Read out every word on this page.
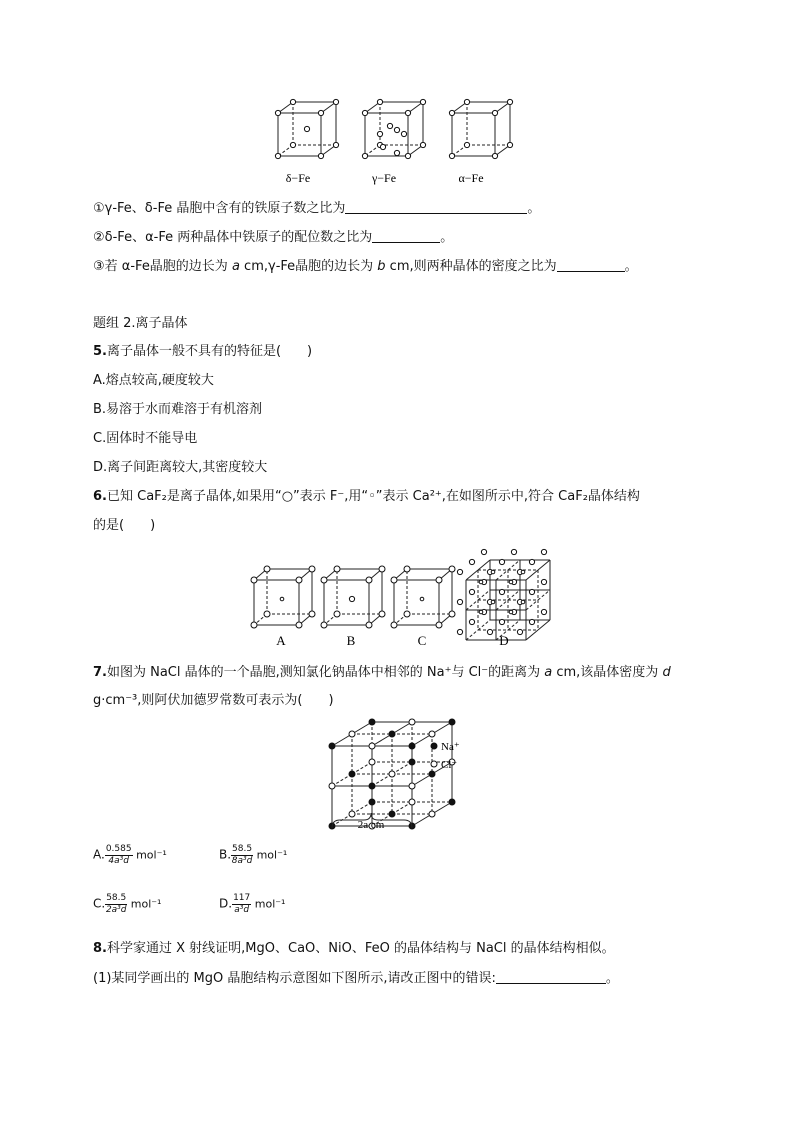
δ−Fe	γ−Fe	α−Fe
①γ-Fe、δ-Fe 晶胞中含有的铁原子数之比为	。
②δ-Fe、α-Fe 两种晶体中铁原子的配位数之比为	。
③若 α-Fe晶胞的边长为 a cm,γ-Fe晶胞的边长为 b cm,则两种晶体的密度之比为	。
题组 2.离子晶体
5.离子晶体一般不具有的特征是(　　)
A.熔点较高,硬度较大
B.易溶于水而难溶于有机溶剂
C.固体时不能导电
D.离子间距离较大,其密度较大
6.已知 CaF₂是离子晶体,如果用“○”表示 F⁻,用“◦”表示 Ca²⁺,在如图所示中,符合 CaF₂晶体结构
的是(　　)
A	B	C	D
7.如图为 NaCl 晶体的一个晶胞,测知氯化钠晶体中相邻的 Na⁺与 Cl⁻的距离为 a cm,该晶体密度为 d
g·cm⁻³,则阿伏加德罗常数可表示为(　　)
Na⁺
Cl⁻
2a cm
A. $\frac{0.585}{\text{4a³d}} mol^{-1}$	B. $\frac{58.5}{\text{8a³d}} mol^{-1}$
C. $\frac{58.5}{\text{2a³d}} mol^{-1}$	D. $\frac{117}{\text{a³d}} mol^{-1}$
8.科学家通过 X 射线证明,MgO、CaO、NiO、FeO 的晶体结构与 NaCl 的晶体结构相似。
(1)某同学画出的 MgO 晶胞结构示意图如下图所示,请改正图中的错误:	。
